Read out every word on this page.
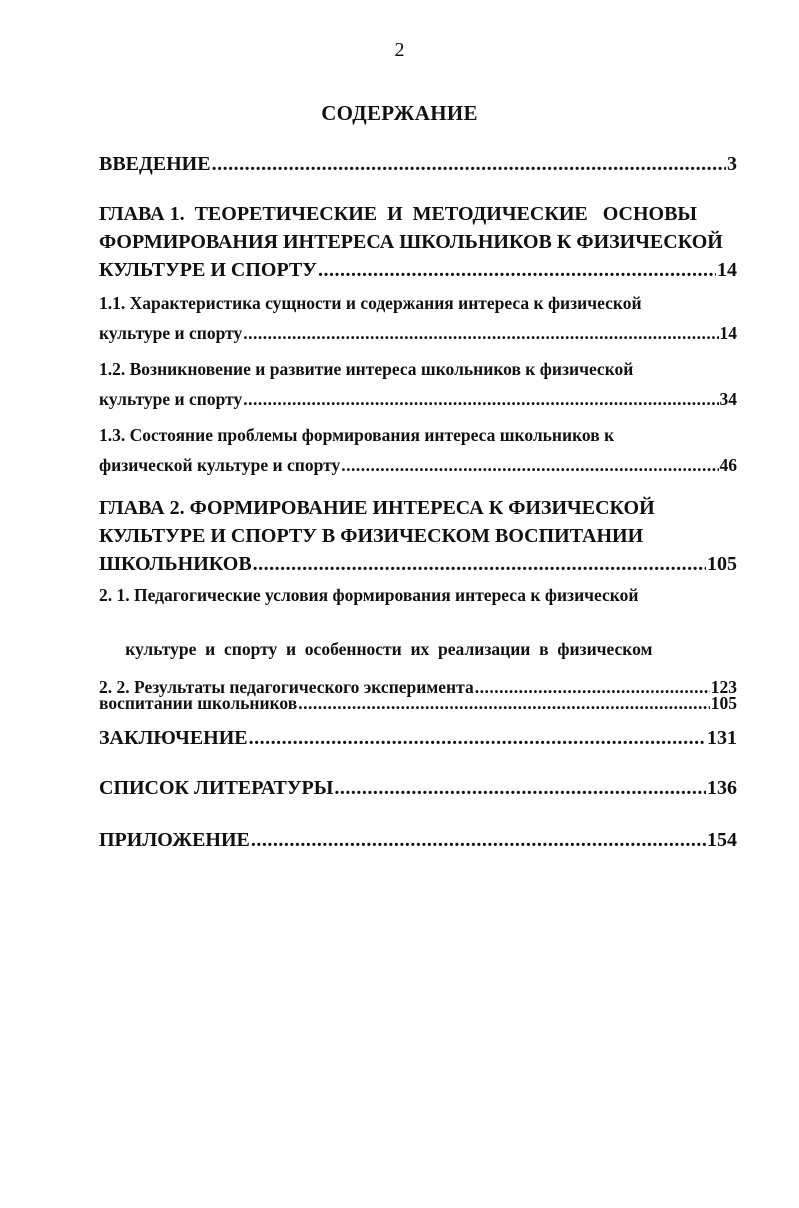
2
СОДЕРЖАНИЕ
ВВЕДЕНИЕ .....	3
ГЛАВА 1.  ТЕОРЕТИЧЕСКИЕ  И  МЕТОДИЧЕСКИЕ   ОСНОВЫ
ФОРМИРОВАНИЯ ИНТЕРЕСА ШКОЛЬНИКОВ К ФИЗИЧЕСКОЙ
КУЛЬТУРЕ И СПОРТУ .....	14
1.1. Характеристика сущности и содержания интереса к физической
культуре и спорту .....	14
1.2. Возникновение и развитие интереса школьников к физической
культуре и спорту .....	34
1.3. Состояние проблемы формирования интереса школьников к
физической культуре и спорту .....	46
ГЛАВА 2. ФОРМИРОВАНИЕ ИНТЕРЕСА К ФИЗИЧЕСКОЙ
КУЛЬТУРЕ И СПОРТУ В ФИЗИЧЕСКОМ ВОСПИТАНИИ
ШКОЛЬНИКОВ .....	105
2. 1. Педагогические условия формирования интереса к физической

культуре  и  спорту  и  особенности  их  реализации  в  физическом

воспитании школьников .....	105
2. 2. Результаты педагогического эксперимента .....	123
ЗАКЛЮЧЕНИЕ .....	131
СПИСОК ЛИТЕРАТУРЫ .....	136
ПРИЛОЖЕНИЕ .....	154
